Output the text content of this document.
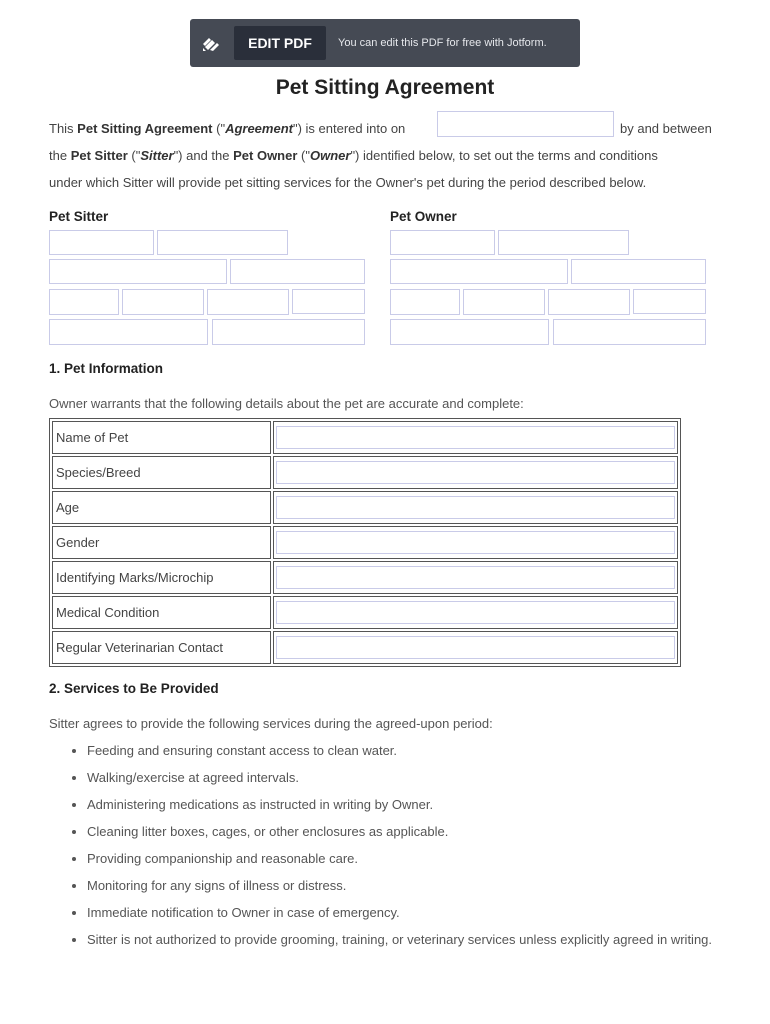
EDIT PDF	You can edit this PDF for free with Jotform.
Pet Sitting Agreement
This Pet Sitting Agreement ("Agreement") is entered into on	by and between
the Pet Sitter ("Sitter") and the Pet Owner ("Owner") identified below, to set out the terms and conditions
under which Sitter will provide pet sitting services for the Owner's pet during the period described below.
Pet Sitter	Pet Owner
1. Pet Information
Owner warrants that the following details about the pet are accurate and complete:
Name of Pet	

Species/Breed	

Age	

Gender	

Identifying Marks/Microchip	

Medical Condition	

Regular Veterinarian Contact	
2. Services to Be Provided
Sitter agrees to provide the following services during the agreed-upon period:
• Feeding and ensuring constant access to clean water.
• Walking/exercise at agreed intervals.
• Administering medications as instructed in writing by Owner.
• Cleaning litter boxes, cages, or other enclosures as applicable.
• Providing companionship and reasonable care.
• Monitoring for any signs of illness or distress.
• Immediate notification to Owner in case of emergency.
• Sitter is not authorized to provide grooming, training, or veterinary services unless explicitly agreed in writing.
